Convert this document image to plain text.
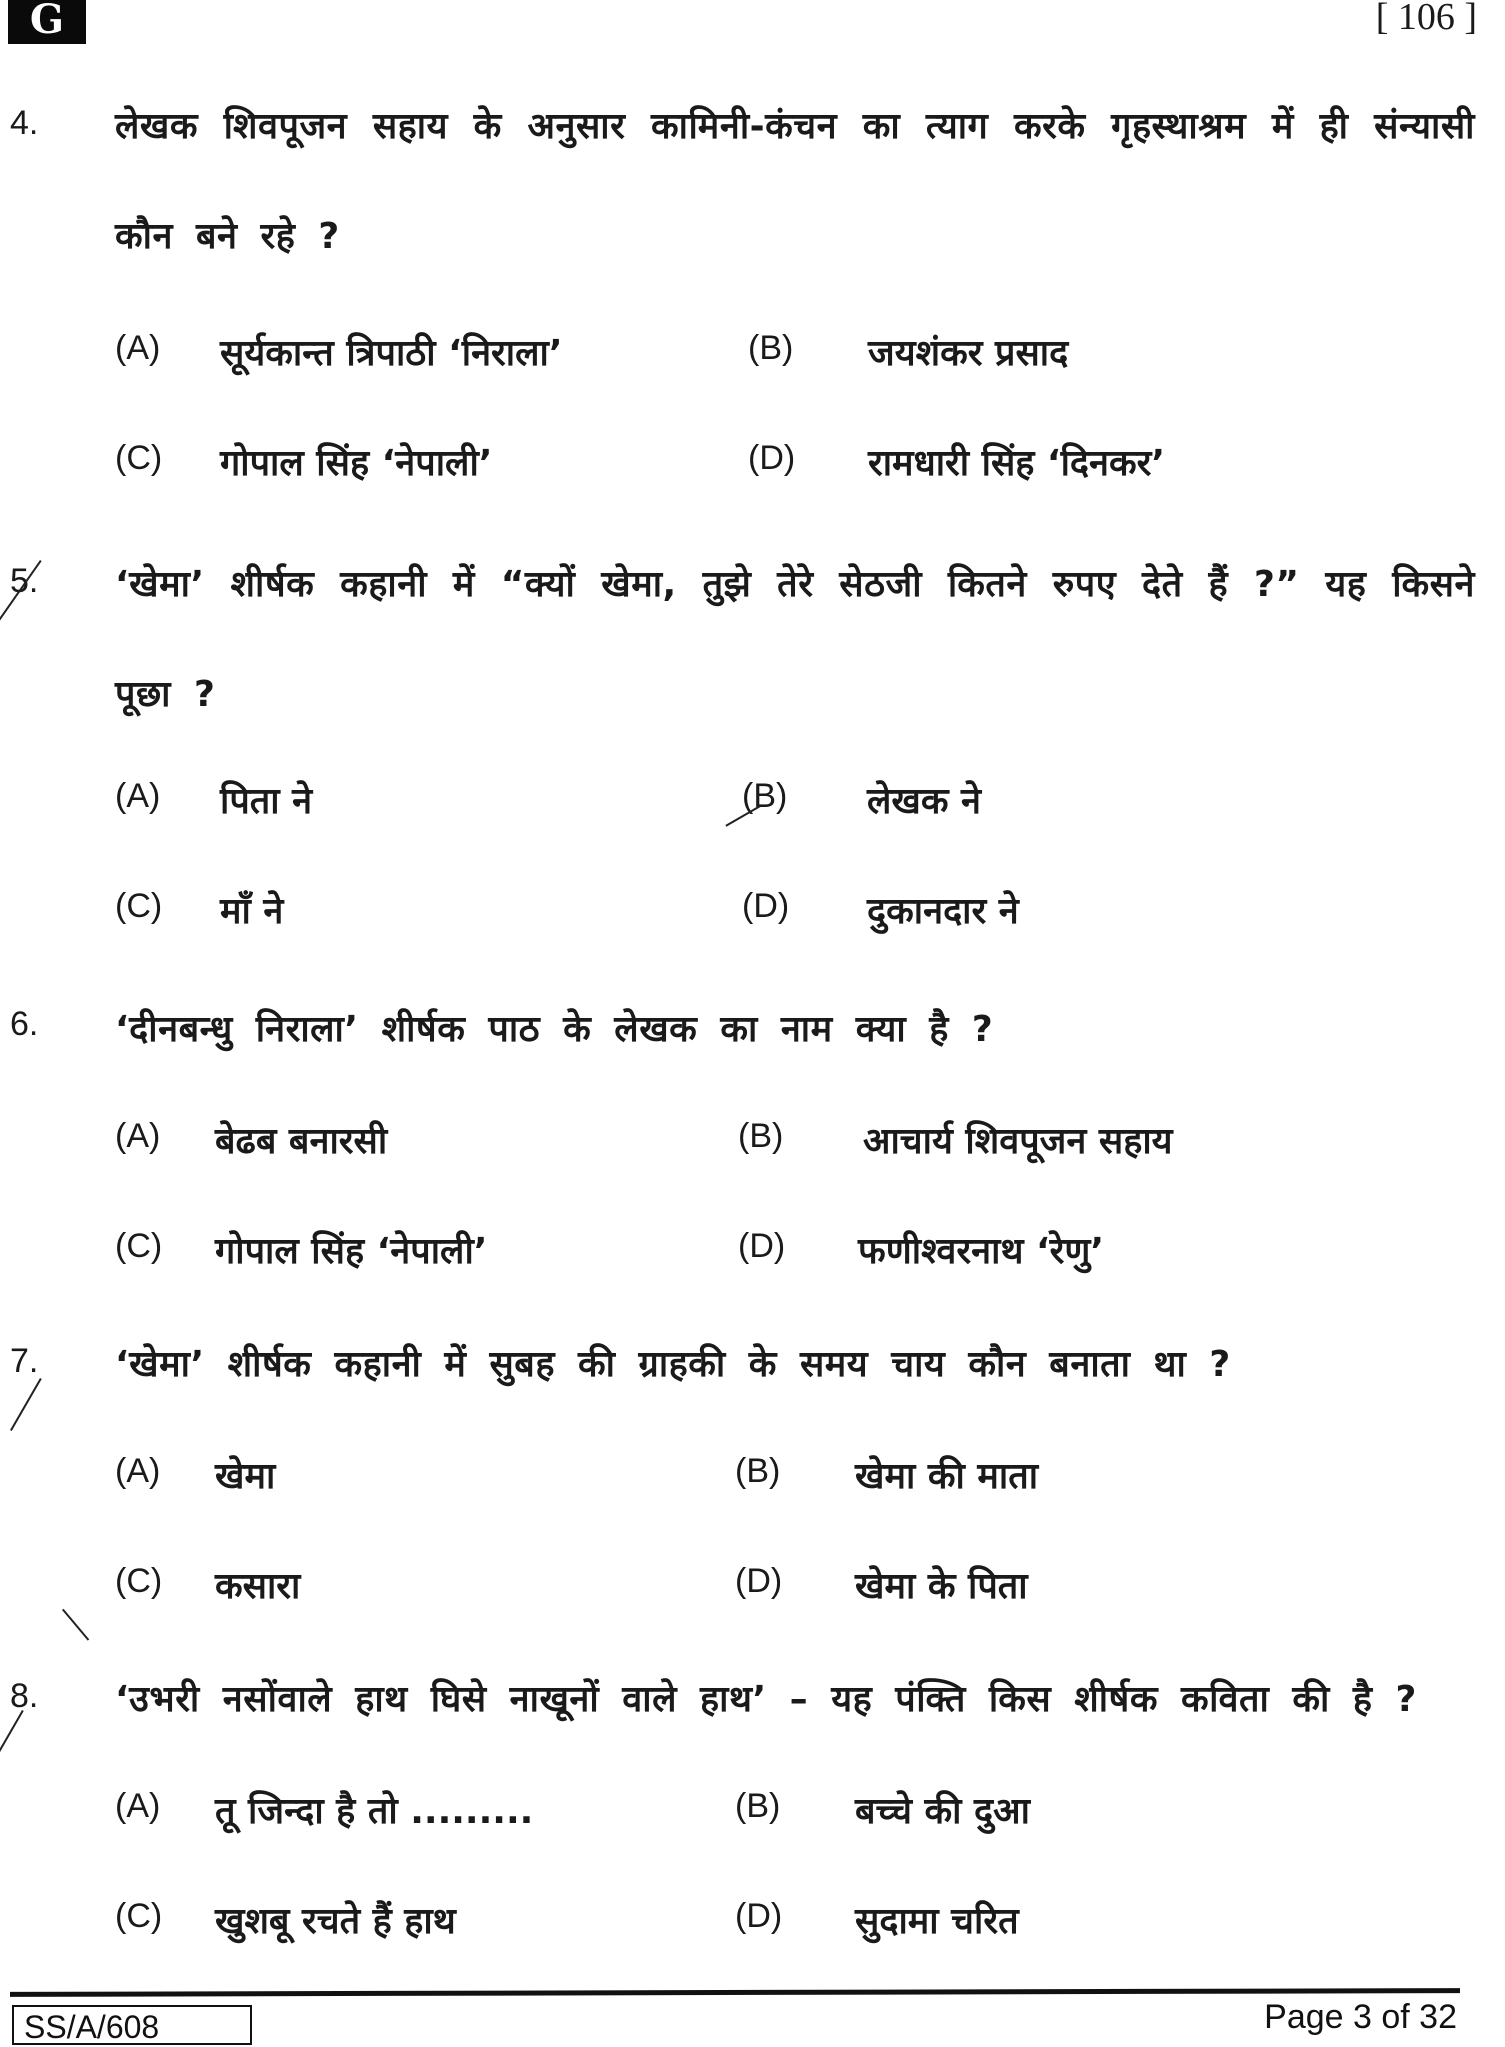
G	[ 106 ]
4. लेखक शिवपूजन सहाय के अनुसार कामिनी-कंचन का त्याग करके गृहस्थाश्रम में ही संन्यासी कौन बने रहे ?
(A) सूर्यकान्त त्रिपाठी ‘निराला’	(B) जयशंकर प्रसाद
(C) गोपाल सिंह ‘नेपाली’	(D) रामधारी सिंह ‘दिनकर’
5. ‘खेमा’ शीर्षक कहानी में “क्यों खेमा, तुझे तेरे सेठजी कितने रुपए देते हैं ?” यह किसने पूछा ?
(A) पिता ने	(B) लेखक ने
(C) माँ ने	(D) दुकानदार ने
6. ‘दीनबन्धु निराला’ शीर्षक पाठ के लेखक का नाम क्या है ?
(A) बेढब बनारसी	(B) आचार्य शिवपूजन सहाय
(C) गोपाल सिंह ‘नेपाली’	(D) फणीश्वरनाथ ‘रेणु’
7. ‘खेमा’ शीर्षक कहानी में सुबह की ग्राहकी के समय चाय कौन बनाता था ?
(A) खेमा	(B) खेमा की माता
(C) कसारा	(D) खेमा के पिता
8. ‘उभरी नसोंवाले हाथ घिसे नाखूनों वाले हाथ’ – यह पंक्ति किस शीर्षक कविता की है ?
(A) तू जिन्दा है तो .........	(B) बच्चे की दुआ
(C) खुशबू रचते हैं हाथ	(D) सुदामा चरित
SS/A/608	Page 3 of 32
